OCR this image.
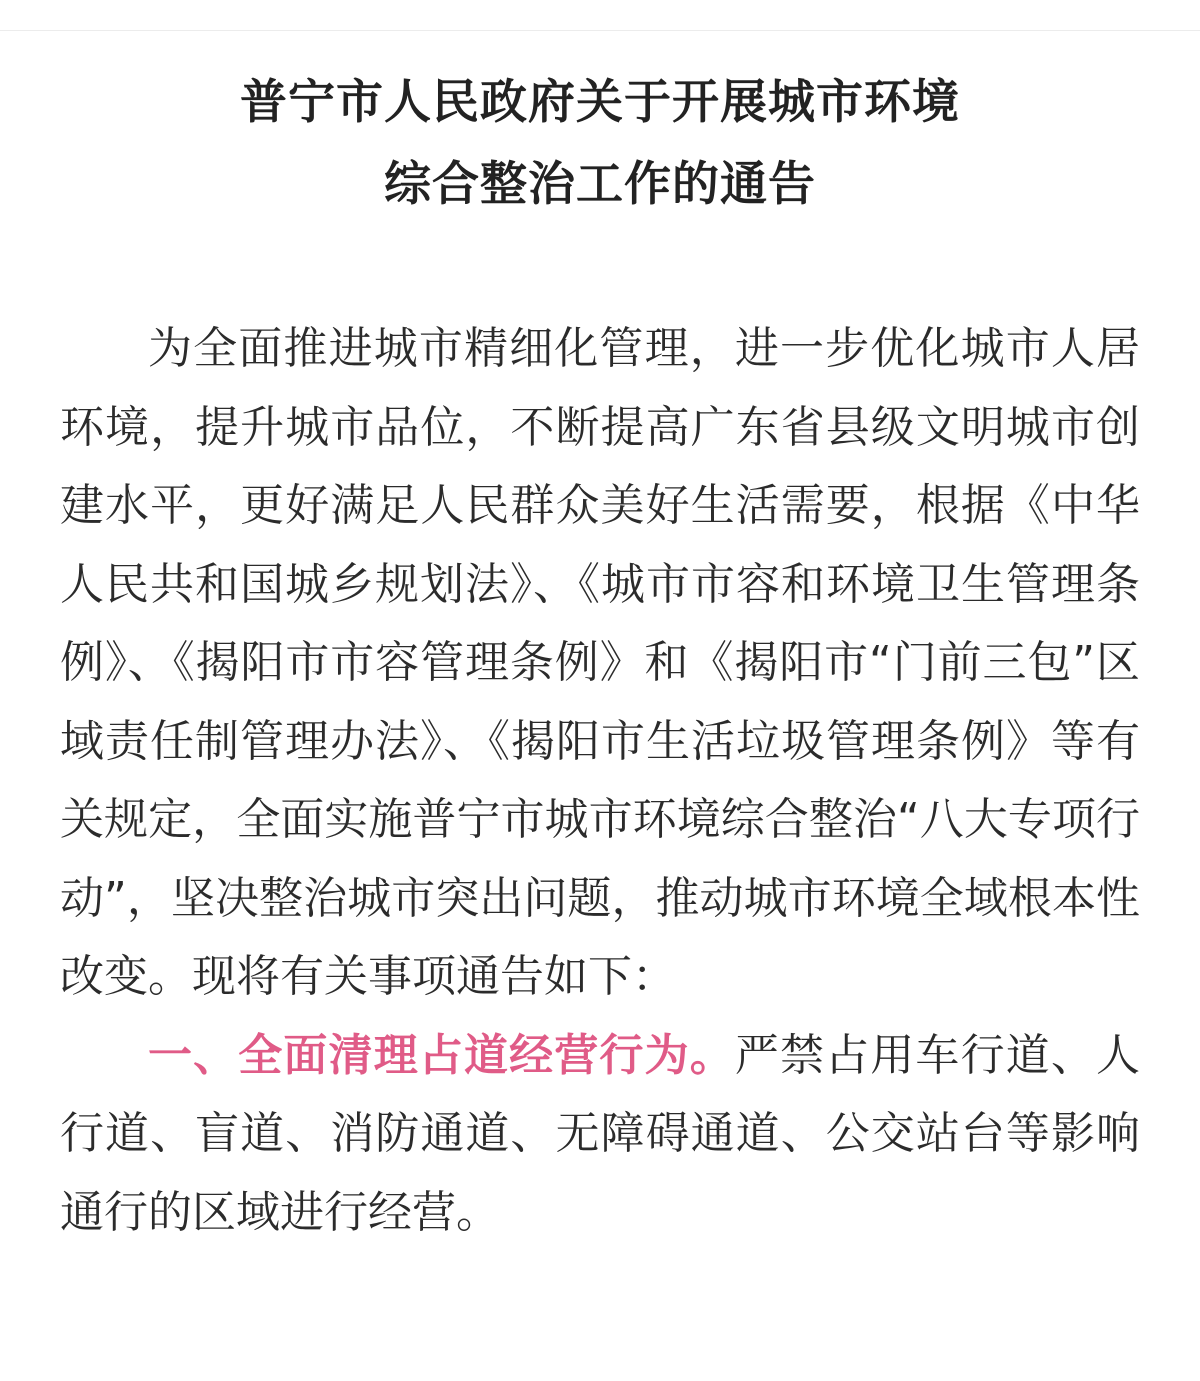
普宁市人民政府关于开展城市环境
综合整治工作的通告

为全面推进城市精细化管理，进一步优化城市人居环境，提升城市品位，不断提高广东省县级文明城市创建水平，更好满足人民群众美好生活需要，根据《中华人民共和国城乡规划法》、《城市市容和环境卫生管理条例》、《揭阳市市容管理条例》和《揭阳市“门前三包”区域责任制管理办法》、《揭阳市生活垃圾管理条例》等有关规定，全面实施普宁市城市环境综合整治“八大专项行动”，坚决整治城市突出问题，推动城市环境全域根本性改变。现将有关事项通告如下：

一、全面清理占道经营行为。严禁占用车行道、人行道、盲道、消防通道、无障碍通道、公交站台等影响通行的区域进行经营。
